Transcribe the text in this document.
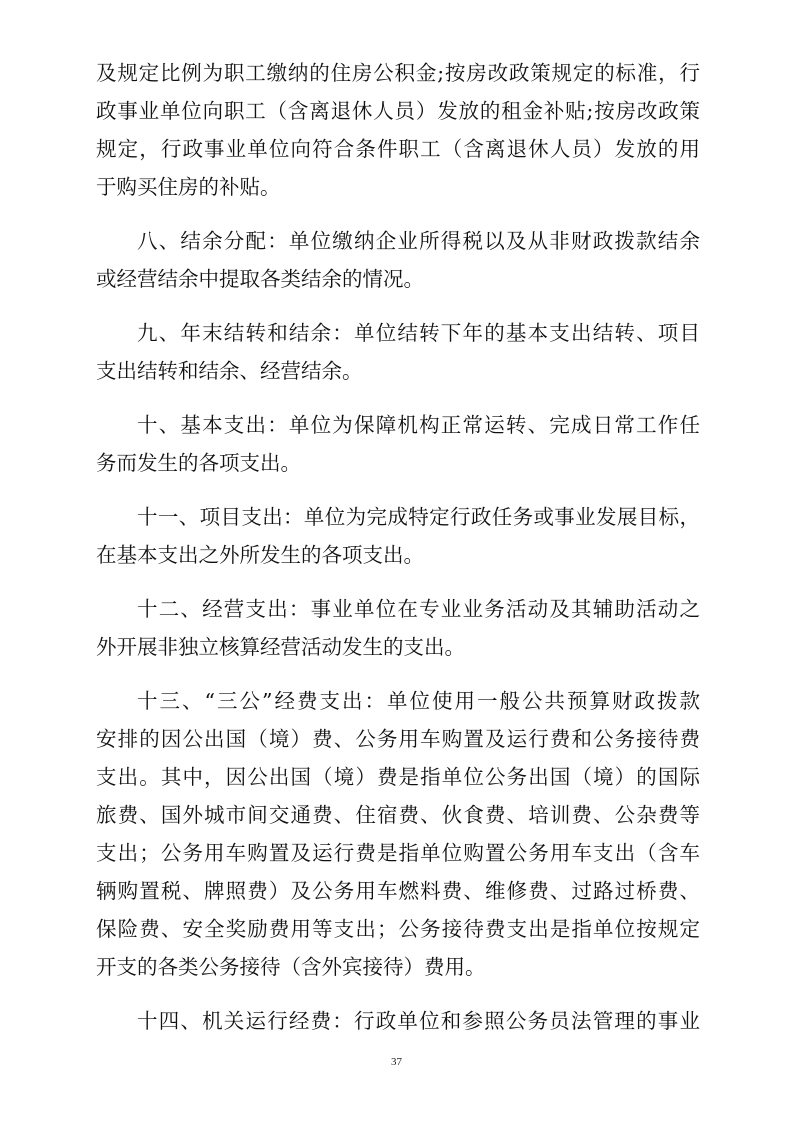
及规定比例为职工缴纳的住房公积金;按房改政策规定的标准，行
政事业单位向职工（含离退休人员）发放的租金补贴;按房改政策
规定，行政事业单位向符合条件职工（含离退休人员）发放的用
于购买住房的补贴。
八、结余分配：单位缴纳企业所得税以及从非财政拨款结余
或经营结余中提取各类结余的情况。
九、年末结转和结余：单位结转下年的基本支出结转、项目
支出结转和结余、经营结余。
十、基本支出：单位为保障机构正常运转、完成日常工作任
务而发生的各项支出。
十一、项目支出：单位为完成特定行政任务或事业发展目标，
在基本支出之外所发生的各项支出。
十二、经营支出：事业单位在专业业务活动及其辅助活动之
外开展非独立核算经营活动发生的支出。
十三、“三公”经费支出：单位使用一般公共预算财政拨款
安排的因公出国（境）费、公务用车购置及运行费和公务接待费
支出。其中，因公出国（境）费是指单位公务出国（境）的国际
旅费、国外城市间交通费、住宿费、伙食费、培训费、公杂费等
支出；公务用车购置及运行费是指单位购置公务用车支出（含车
辆购置税、牌照费）及公务用车燃料费、维修费、过路过桥费、
保险费、安全奖励费用等支出；公务接待费支出是指单位按规定
开支的各类公务接待（含外宾接待）费用。
十四、机关运行经费：行政单位和参照公务员法管理的事业
37
